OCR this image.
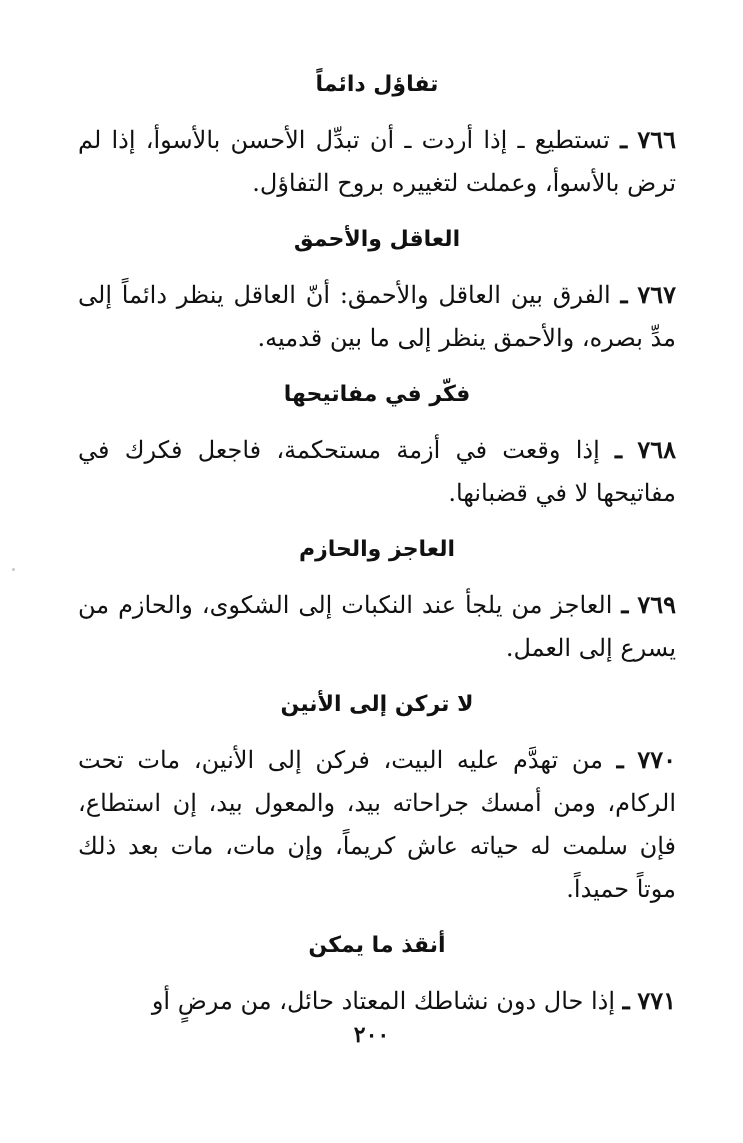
تفاؤل دائماً

٧٦٦ ـ تستطيع ـ إذا أردت ـ أن تبدِّل الأحسن بالأسوأ، إذا لم ترض بالأسوأ، وعملت لتغييره بروح التفاؤل.

العاقل والأحمق

٧٦٧ ـ الفرق بين العاقل والأحمق: أنّ العاقل ينظر دائماً إلى مدِّ بصره، والأحمق ينظر إلى ما بين قدميه.

فكّر في مفاتيحها

٧٦٨ ـ إذا وقعت في أزمة مستحكمة، فاجعل فكرك في مفاتيحها لا في قضبانها.

العاجز والحازم

٧٦٩ ـ العاجز من يلجأ عند النكبات إلى الشكوى، والحازم من يسرع إلى العمل.

لا تركن إلى الأنين

٧٧٠ ـ من تهدَّم عليه البيت، فركن إلى الأنين، مات تحت الركام، ومن أمسك جراحاته بيد، والمعول بيد، إن استطاع، فإن سلمت له حياته عاش كريماً، وإن مات، مات بعد ذلك موتاً حميداً.

أنقذ ما يمكن

٧٧١ ـ إذا حال دون نشاطك المعتاد حائل، من مرضٍ أو

٢٠٠
